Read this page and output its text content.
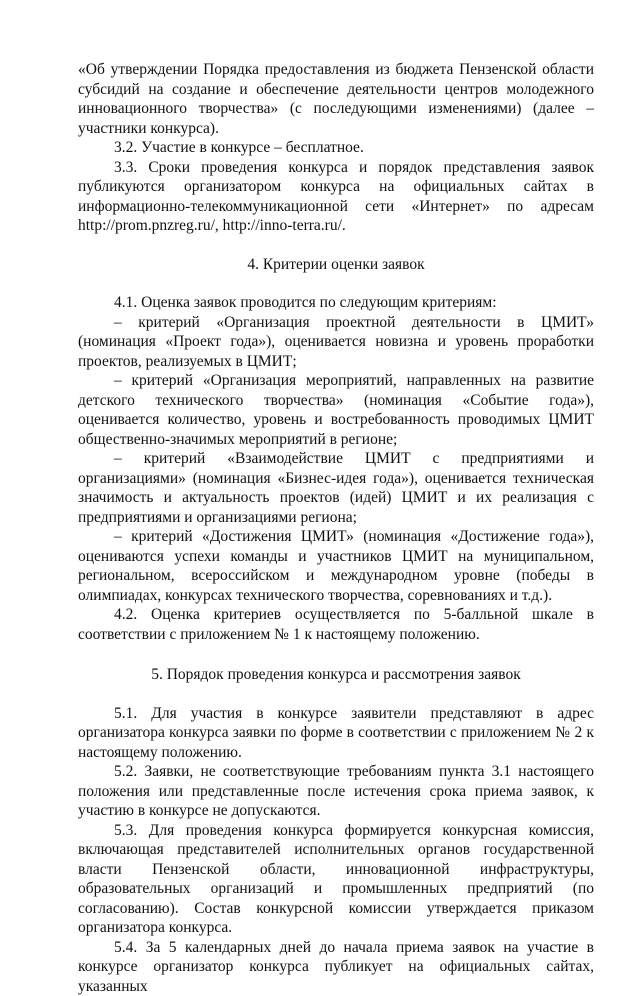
«Об утверждении Порядка предоставления из бюджета Пензенской области субсидий на создание и обеспечение деятельности центров молодежного инновационного творчества» (с последующими изменениями) (далее – участники конкурса).

3.2. Участие в конкурсе – бесплатное.

3.3. Сроки проведения конкурса и порядок представления заявок публикуются организатором конкурса на официальных сайтах в информационно-телекоммуникационной сети «Интернет» по адресам http://prom.pnzreg.ru/, http://inno-terra.ru/.

4. Критерии оценки заявок

4.1. Оценка заявок проводится по следующим критериям:

– критерий «Организация проектной деятельности в ЦМИТ» (номинация «Проект года»), оценивается новизна и уровень проработки проектов, реализуемых в ЦМИТ;

– критерий «Организация мероприятий, направленных на развитие детского технического творчества» (номинация «Событие года»), оценивается количество, уровень и востребованность проводимых ЦМИТ общественно-значимых мероприятий в регионе;

– критерий «Взаимодействие ЦМИТ с предприятиями и организациями» (номинация «Бизнес-идея года»), оценивается техническая значимость и актуальность проектов (идей) ЦМИТ и их реализация с предприятиями и организациями региона;

– критерий «Достижения ЦМИТ» (номинация «Достижение года»), оцениваются успехи команды и участников ЦМИТ на муниципальном, региональном, всероссийском и международном уровне (победы в олимпиадах, конкурсах технического творчества, соревнованиях и т.д.).

4.2. Оценка критериев осуществляется по 5-балльной шкале в соответствии с приложением № 1 к настоящему положению.

5. Порядок проведения конкурса и рассмотрения заявок

5.1. Для участия в конкурсе заявители представляют в адрес организатора конкурса заявки по форме в соответствии с приложением № 2 к настоящему положению.

5.2. Заявки, не соответствующие требованиям пункта 3.1 настоящего положения или представленные после истечения срока приема заявок, к участию в конкурсе не допускаются.

5.3. Для проведения конкурса формируется конкурсная комиссия, включающая представителей исполнительных органов государственной власти Пензенской области, инновационной инфраструктуры, образовательных организаций и промышленных предприятий (по согласованию). Состав конкурсной комиссии утверждается приказом организатора конкурса.

5.4. За 5 календарных дней до начала приема заявок на участие в конкурсе организатор конкурса публикует на официальных сайтах, указанных
